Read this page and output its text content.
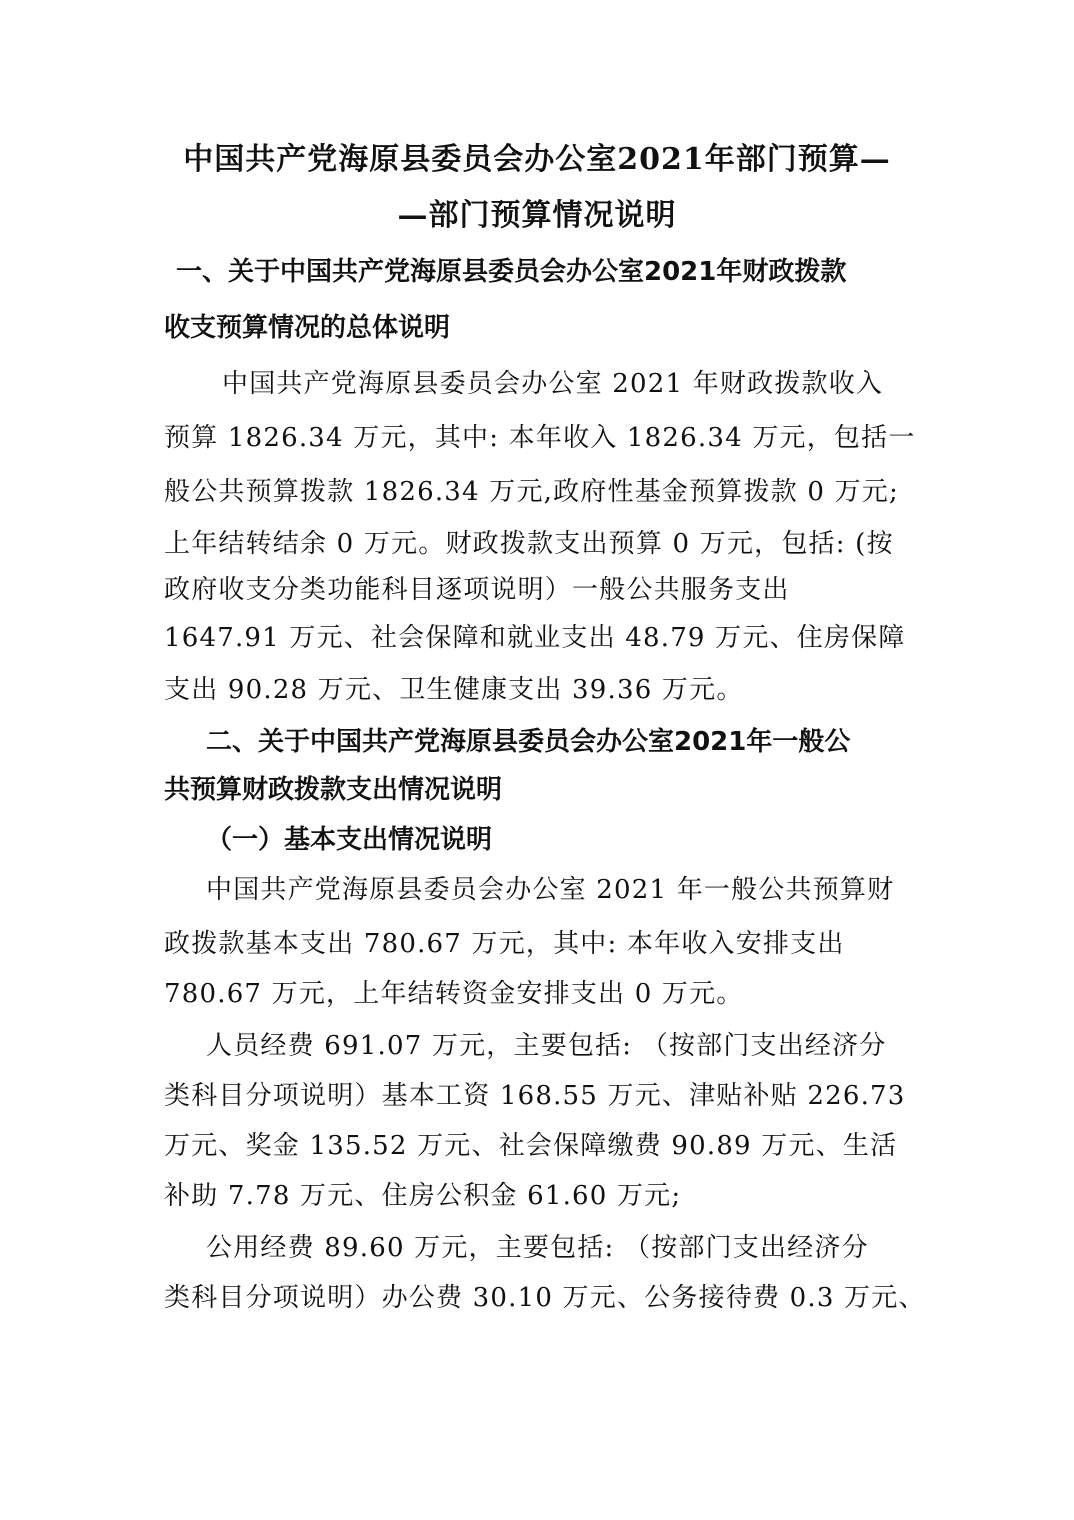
中国共产党海原县委员会办公室2021年部门预算—
—部门预算情况说明
一、关于中国共产党海原县委员会办公室2021年财政拨款
收支预算情况的总体说明
中国共产党海原县委员会办公室 2021 年财政拨款收入
预算 1826.34 万元，其中: 本年收入 1826.34 万元，包括一
般公共预算拨款 1826.34 万元,政府性基金预算拨款 0 万元;
上年结转结余 0 万元。财政拨款支出预算 0 万元，包括: (按
政府收支分类功能科目逐项说明）一般公共服务支出
1647.91 万元、社会保障和就业支出 48.79 万元、住房保障
支出 90.28 万元、卫生健康支出 39.36 万元。
二、关于中国共产党海原县委员会办公室2021年一般公
共预算财政拨款支出情况说明
（一）基本支出情况说明
中国共产党海原县委员会办公室 2021 年一般公共预算财
政拨款基本支出 780.67 万元，其中: 本年收入安排支出
780.67 万元，上年结转资金安排支出 0 万元。
人员经费 691.07 万元，主要包括: （按部门支出经济分
类科目分项说明）基本工资 168.55 万元、津贴补贴 226.73
万元、奖金 135.52 万元、社会保障缴费 90.89 万元、生活
补助 7.78 万元、住房公积金 61.60 万元;
公用经费 89.60 万元，主要包括: （按部门支出经济分
类科目分项说明）办公费 30.10 万元、公务接待费 0.3 万元、
